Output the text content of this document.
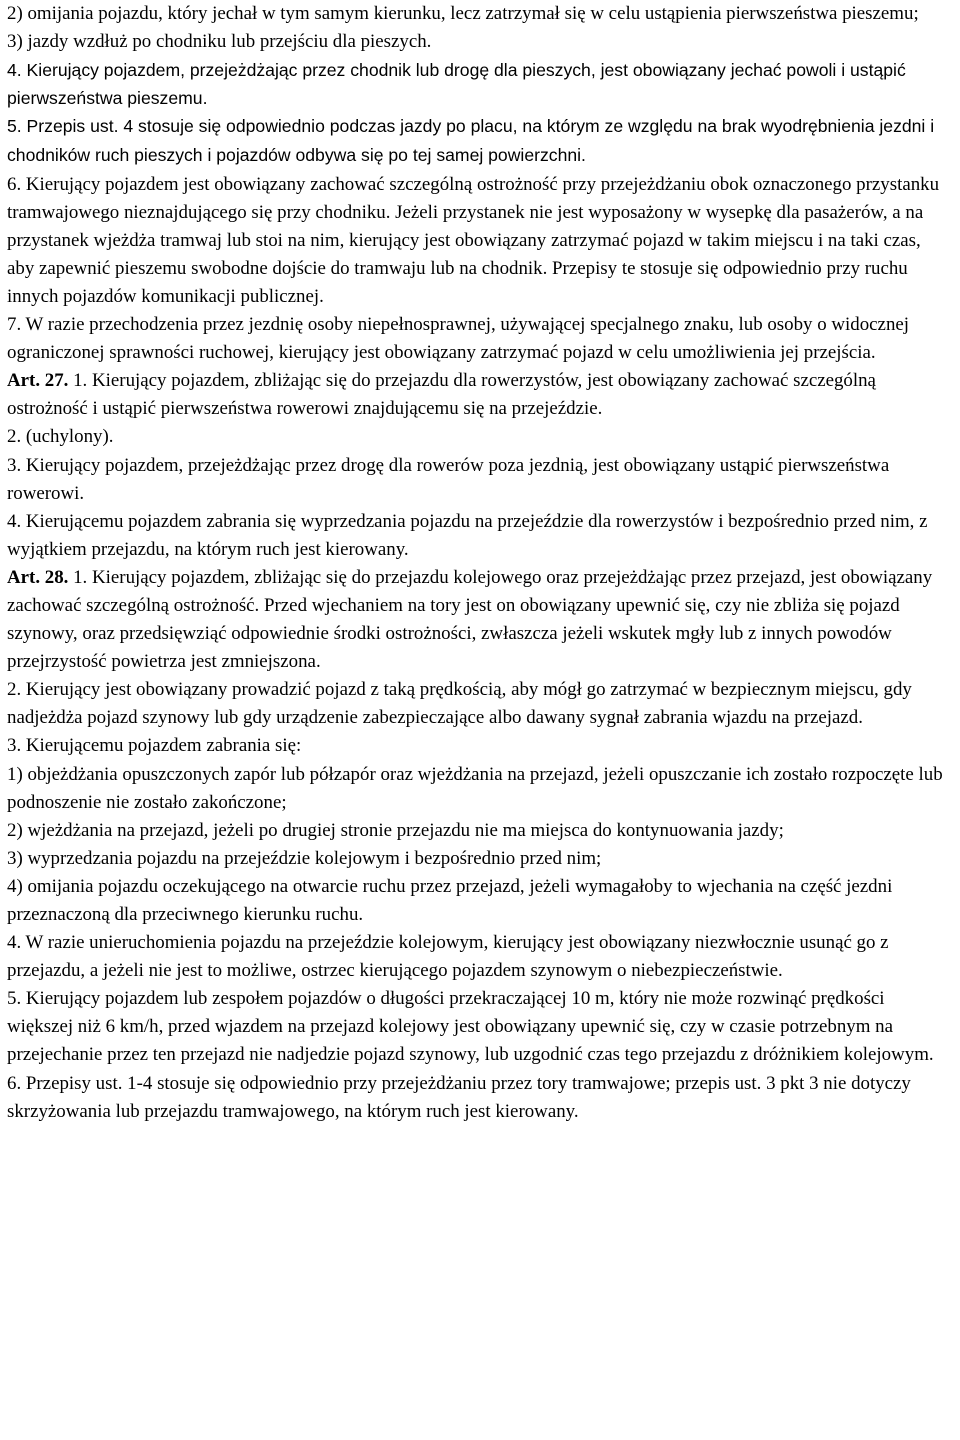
2) omijania pojazdu, który jechał w tym samym kierunku, lecz zatrzymał się w celu ustąpienia pierwszeństwa pieszemu;

3) jazdy wzdłuż po chodniku lub przejściu dla pieszych.

4. Kierujący pojazdem, przejeżdżając przez chodnik lub drogę dla pieszych, jest obowiązany jechać powoli i ustąpić pierwszeństwa pieszemu.

5. Przepis ust. 4 stosuje się odpowiednio podczas jazdy po placu, na którym ze względu na brak wyodrębnienia jezdni i chodników ruch pieszych i pojazdów odbywa się po tej samej powierzchni.

6. Kierujący pojazdem jest obowiązany zachować szczególną ostrożność przy przejeżdżaniu obok oznaczonego przystanku tramwajowego nieznajdującego się przy chodniku. Jeżeli przystanek nie jest wyposażony w wysepkę dla pasażerów, a na przystanek wjeżdża tramwaj lub stoi na nim, kierujący jest obowiązany zatrzymać pojazd w takim miejscu i na taki czas, aby zapewnić pieszemu swobodne dojście do tramwaju lub na chodnik. Przepisy te stosuje się odpowiednio przy ruchu innych pojazdów komunikacji publicznej.

7. W razie przechodzenia przez jezdnię osoby niepełnosprawnej, używającej specjalnego znaku, lub osoby o widocznej ograniczonej sprawności ruchowej, kierujący jest obowiązany zatrzymać pojazd w celu umożliwienia jej przejścia.

Art. 27. 1. Kierujący pojazdem, zbliżając się do przejazdu dla rowerzystów, jest obowiązany zachować szczególną ostrożność i ustąpić pierwszeństwa rowerowi znajdującemu się na przejeździe.

2. (uchylony).

3. Kierujący pojazdem, przejeżdżając przez drogę dla rowerów poza jezdnią, jest obowiązany ustąpić pierwszeństwa rowerowi.

4. Kierującemu pojazdem zabrania się wyprzedzania pojazdu na przejeździe dla rowerzystów i bezpośrednio przed nim, z wyjątkiem przejazdu, na którym ruch jest kierowany.

Art. 28. 1. Kierujący pojazdem, zbliżając się do przejazdu kolejowego oraz przejeżdżając przez przejazd, jest obowiązany zachować szczególną ostrożność. Przed wjechaniem na tory jest on obowiązany upewnić się, czy nie zbliża się pojazd szynowy, oraz przedsięwziąć odpowiednie środki ostrożności, zwłaszcza jeżeli wskutek mgły lub z innych powodów przejrzystość powietrza jest zmniejszona.

2. Kierujący jest obowiązany prowadzić pojazd z taką prędkością, aby mógł go zatrzymać w bezpiecznym miejscu, gdy nadjeżdża pojazd szynowy lub gdy urządzenie zabezpieczające albo dawany sygnał zabrania wjazdu na przejazd.

3. Kierującemu pojazdem zabrania się:

1) objeżdżania opuszczonych zapór lub półzapór oraz wjeżdżania na przejazd, jeżeli opuszczanie ich zostało rozpoczęte lub podnoszenie nie zostało zakończone;

2) wjeżdżania na przejazd, jeżeli po drugiej stronie przejazdu nie ma miejsca do kontynuowania jazdy;

3) wyprzedzania pojazdu na przejeździe kolejowym i bezpośrednio przed nim;

4) omijania pojazdu oczekującego na otwarcie ruchu przez przejazd, jeżeli wymagałoby to wjechania na część jezdni przeznaczoną dla przeciwnego kierunku ruchu.

4. W razie unieruchomienia pojazdu na przejeździe kolejowym, kierujący jest obowiązany niezwłocznie usunąć go z przejazdu, a jeżeli nie jest to możliwe, ostrzec kierującego pojazdem szynowym o niebezpieczeństwie.

5. Kierujący pojazdem lub zespołem pojazdów o długości przekraczającej 10 m, który nie może rozwinąć prędkości większej niż 6 km/h, przed wjazdem na przejazd kolejowy jest obowiązany upewnić się, czy w czasie potrzebnym na przejechanie przez ten przejazd nie nadjedzie pojazd szynowy, lub uzgodnić czas tego przejazdu z dróżnikiem kolejowym.

6. Przepisy ust. 1-4 stosuje się odpowiednio przy przejeżdżaniu przez tory tramwajowe; przepis ust. 3 pkt 3 nie dotyczy skrzyżowania lub przejazdu tramwajowego, na którym ruch jest kierowany.
